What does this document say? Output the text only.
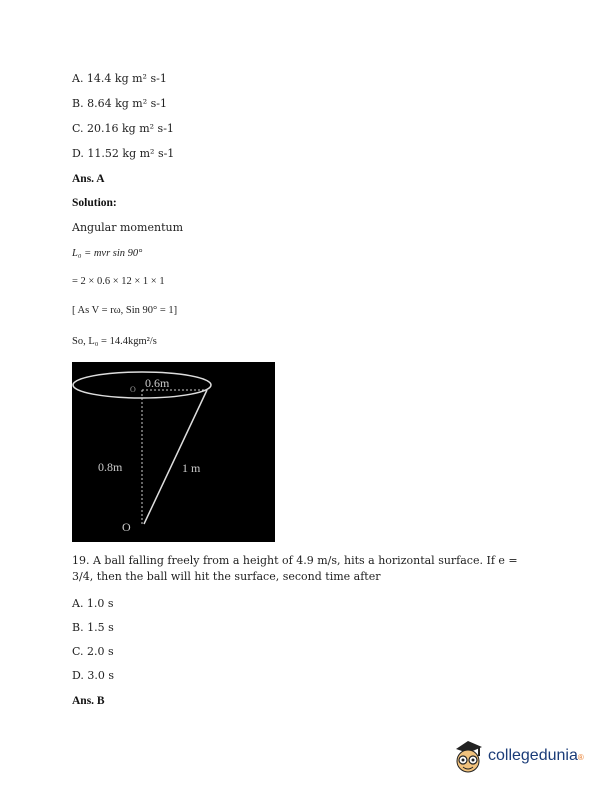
A. 14.4 kg m² s-1
B. 8.64 kg m² s-1
C. 20.16 kg m² s-1
D. 11.52 kg m² s-1
Ans. A
Solution:
Angular momentum
L₀ = mvr sin 90°
= 2 × 0.6 × 12 × 1 × 1
[ As V = rω, Sin 90° = 1]
So, L₀ = 14.4kgm²/s
0.6m
O
0.8m	1 m
O
19. A ball falling freely from a height of 4.9 m/s, hits a horizontal surface. If e = 3/4, then the ball will hit the surface, second time after
A. 1.0 s
B. 1.5 s
C. 2.0 s
D. 3.0 s
Ans. B
collegedunia®
